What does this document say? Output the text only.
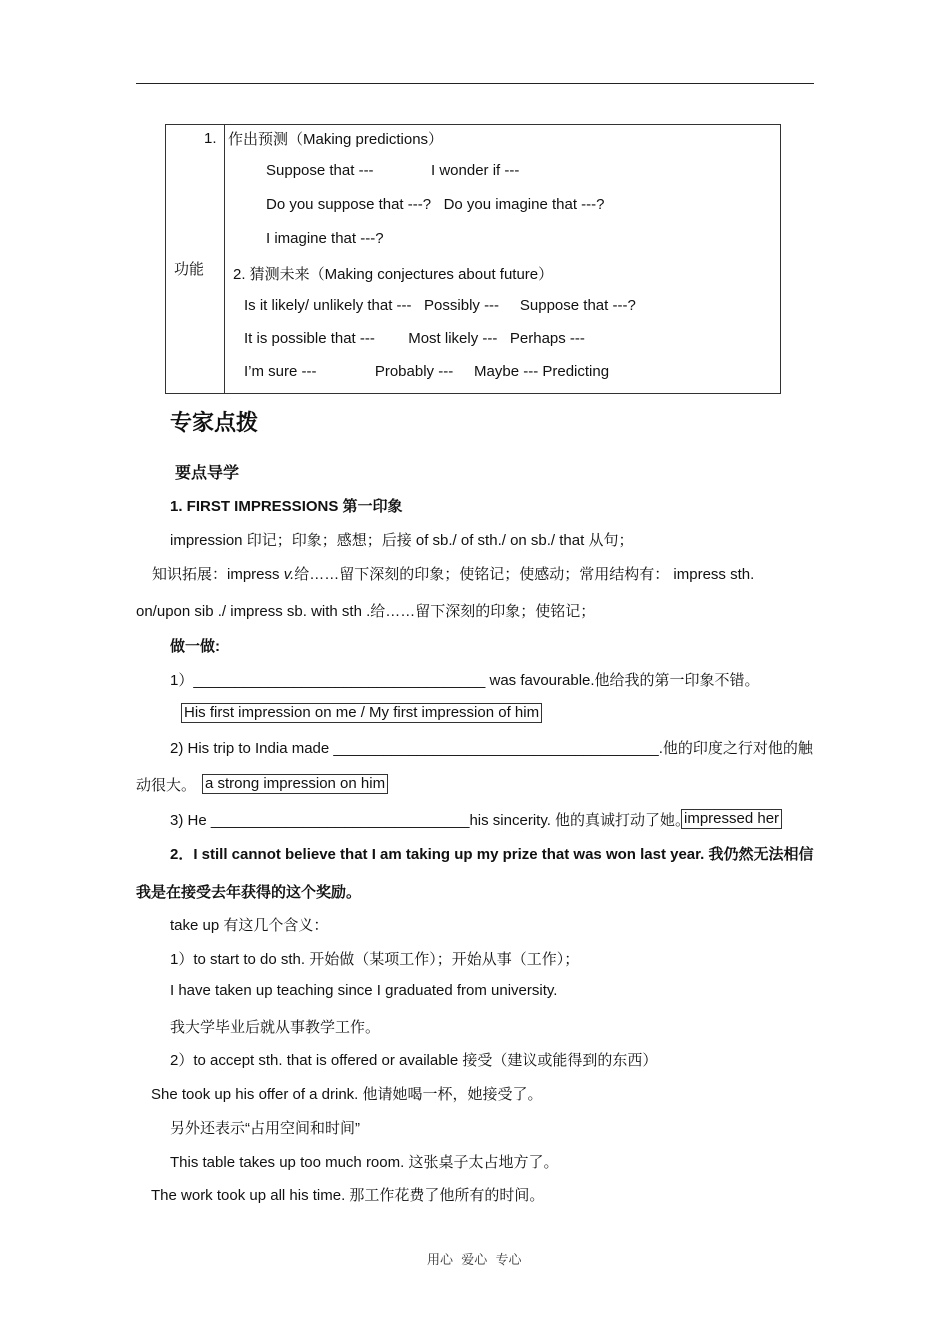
1.
功能
作出预测（Making predictions）
Suppose that ---	I wonder if ---
Do you suppose that ---?   Do you imagine that ---?
I imagine that ---?
2. 猜测未来（Making conjectures about future）
Is it likely/ unlikely that ---   Possibly ---     Suppose that ---?
It is possible that ---        Most likely ---   Perhaps ---
I’m sure ---              Probably ---     Maybe --- Predicting
专家点拨
要点导学
1. FIRST IMPRESSIONS 第一印象
impression 印记；印象；感想；后接 of sb./ of sth./ on sb./ that 从句；
知识拓展：impress v.给……留下深刻的印象；使铭记；使感动；常用结构有： impress sth.
on/upon sib ./ impress sb. with sth .给……留下深刻的印象；使铭记；
做一做:
1）___________________________________ was favourable.他给我的第一印象不错。
His first impression on me / My first impression of him
2) His trip to India made _______________________________________.他的印度之行对他的触
动很大。 a strong impression on him
3) He _______________________________his sincerity. 他的真诚打动了她。
impressed her
2．I still cannot believe that I am taking up my prize that was won last year. 我仍然无法相信
我是在接受去年获得的这个奖励。
take up 有这几个含义：
1）to start to do sth. 开始做（某项工作）；开始从事（工作）；
I have taken up teaching since I graduated from university.
我大学毕业后就从事教学工作。
2）to accept sth. that is offered or available 接受（建议或能得到的东西）
She took up his offer of a drink. 他请她喝一杯，她接受了。
另外还表示“占用空间和时间”
This table takes up too much room. 这张桌子太占地方了。
The work took up all his time. 那工作花费了他所有的时间。
用心  爱心  专心
